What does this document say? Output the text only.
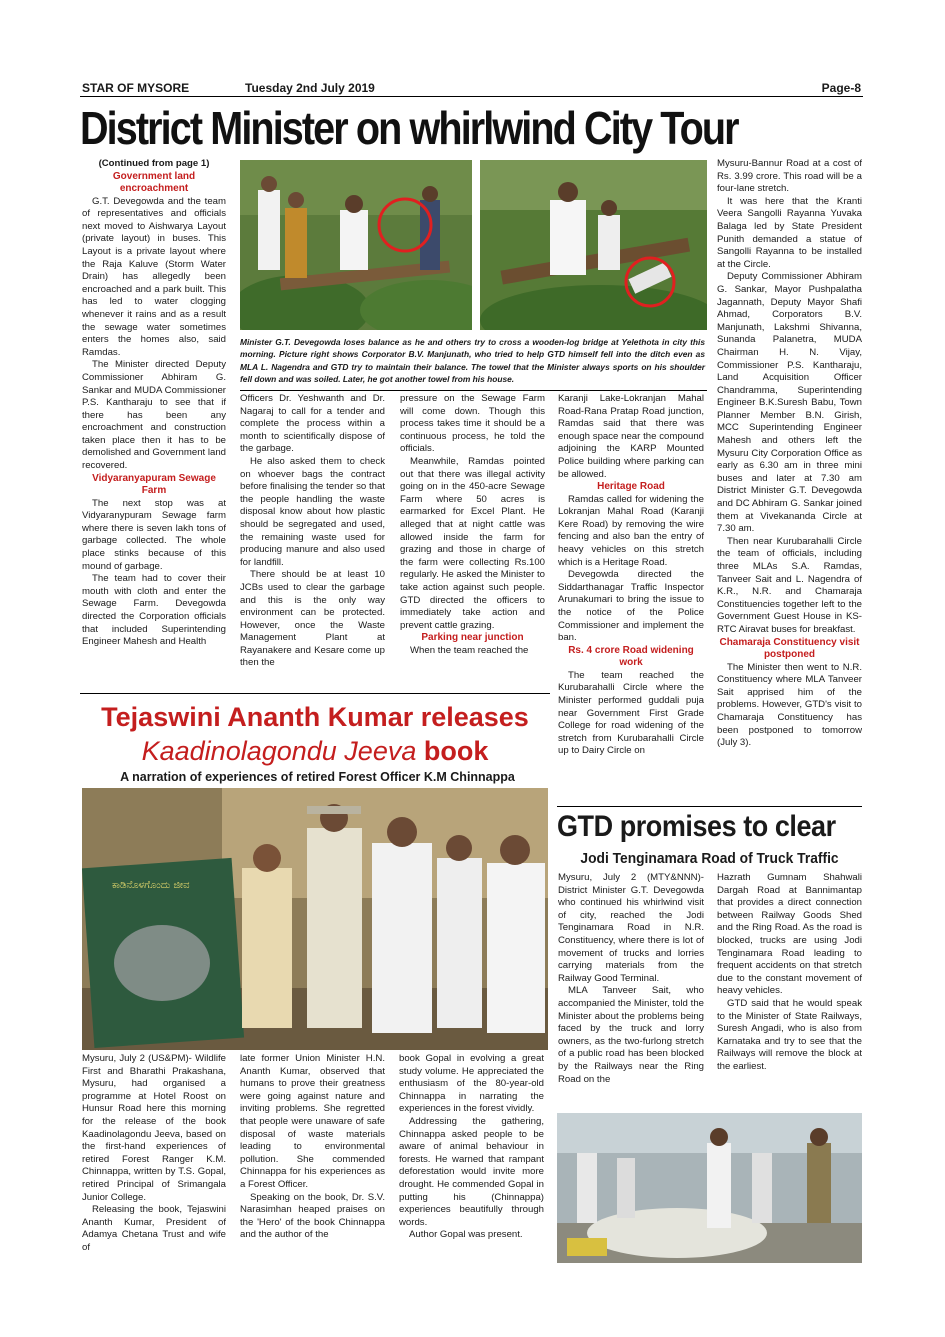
STAR OF MYSORE	Tuesday 2nd July 2019	Page-8
District Minister on whirlwind City Tour

(Continued from page 1)

Government land encroachment

G.T. Devegowda and the team of representatives and officials next moved to Aishwarya Layout (private layout) in buses. This Layout is a private layout where the Raja Kaluve (Storm Water Drain) has allegedly been encroached and a park built. This has led to water clogging whenever it rains and as a result the sewage water sometimes enters the homes also, said Ramdas.

The Minister directed Deputy Commissioner Abhiram G. Sankar and MUDA Commissioner P.S. Kantharaju to see that if there has been any encroachment and construction taken place then it has to be demolished and Government land recovered.

Vidyaranyapuram Sewage Farm

The next stop was at Vidyaranypuram Sewage farm where there is seven lakh tons of garbage collected. The whole place stinks because of this mound of garbage.

The team had to cover their mouth with cloth and enter the Sewage Farm. Devegowda directed the Corporation officials that included Superintending Engineer Mahesh and Health

Minister G.T. Devegowda loses balance as he and others try to cross a wooden-log bridge at Yelethota in city this morning. Picture right shows Corporator B.V. Manjunath, who tried to help GTD himself fell into the ditch even as MLA L. Nagendra and GTD try to maintain their balance. The towel that the Minister always sports on his shoulder fell down and was soiled. Later, he got another towel from his house.

Officers Dr. Yeshwanth and Dr. Nagaraj to call for a tender and complete the process within a month to scientifically dispose of the garbage.

He also asked them to check on whoever bags the contract before finalising the tender so that the people handling the waste disposal know about how plastic should be segregated and used, the remaining waste used for producing manure and also used for landfill.

There should be at least 10 JCBs used to clear the garbage and this is the only way environment can be protected. However, once the Waste Management Plant at Rayanakere and Kesare come up then the

pressure on the Sewage Farm will come down. Though this process takes time it should be a continuous process, he told the officials.

Meanwhile, Ramdas pointed out that there was illegal activity going on in the 450-acre Sewage Farm where 50 acres is earmarked for Excel Plant. He alleged that at night cattle was allowed inside the farm for grazing and those in charge of the farm were collecting Rs.100 regularly. He asked the Minister to take action against such people. GTD directed the officers to immediately take action and prevent cattle grazing.

Parking near junction

When the team reached the

Karanji Lake-Lokranjan Mahal Road-Rana Pratap Road junction, Ramdas said that there was enough space near the compound adjoining the KARP Mounted Police building where parking can be allowed.

Heritage Road

Ramdas called for widening the Lokranjan Mahal Road (Karanji Kere Road) by removing the wire fencing and also ban the entry of heavy vehicles on this stretch which is a Heritage Road.

Devegowda directed the Siddarthanagar Traffic Inspector Arunakumari to bring the issue to the notice of the Police Commissioner and implement the ban.

Rs. 4 crore Road widening work

The team reached the Kurubarahalli Circle where the Minister performed guddali puja near Government First Grade College for road widening of the stretch from Kurubarahalli Circle up to Dairy Circle on

Mysuru-Bannur Road at a cost of Rs. 3.99 crore. This road will be a four-lane stretch.

It was here that the Kranti Veera Sangolli Rayanna Yuvaka Balaga led by State President Punith demanded a statue of Sangolli Rayanna to be installed at the Circle.

Deputy Commissioner Abhiram G. Sankar, Mayor Pushpalatha Jagannath, Deputy Mayor Shafi Ahmad, Corporators B.V. Manjunath, Lakshmi Shivanna, Sunanda Palanetra, MUDA Chairman H. N. Vijay, Commissioner P.S. Kantharaju, Land Acquisition Officer Chandramma, Superintending Engineer B.K.Suresh Babu, Town Planner Member B.N. Girish, MCC Superintending Engineer Mahesh and others left the Mysuru City Corporation Office as early as 6.30 am in three mini buses and later at 7.30 am District Minister G.T. Devegowda and DC Abhiram G. Sankar joined them at Vivekananda Circle at 7.30 am.

Then near Kurubarahalli Circle the team of officials, including three MLAs S.A. Ramdas, Tanveer Sait and L. Nagendra of K.R., N.R. and Chamaraja Constituencies together left to the Government Guest House in KS-RTC Airavat buses for breakfast.

Chamaraja Constituency visit postponed

The Minister then went to N.R. Constituency where MLA Tanveer Sait apprised him of the problems. However, GTD's visit to Chamaraja Constituency has been postponed to tomorrow (July 3).

Tejaswini Ananth Kumar releases
Kaadinolagondu Jeeva book
A narration of experiences of retired Forest Officer K.M Chinnappa
ಕಾಡಿನೊಳಗೊಂದು ಜೀವ

Mysuru, July 2 (US&PM)- Wildlife First and Bharathi Prakashana, Mysuru, had organised a programme at Hotel Roost on Hunsur Road here this morning for the release of the book Kaadinolagondu Jeeva, based on the first-hand experiences of retired Forest Ranger K.M. Chinnappa, written by T.S. Gopal, retired Principal of Srimangala Junior College.

Releasing the book, Tejaswini Ananth Kumar, President of Adamya Chetana Trust and wife of

late former Union Minister H.N. Ananth Kumar, observed that humans to prove their greatness were going against nature and inviting problems. She regretted that people were unaware of safe disposal of waste materials leading to environmental pollution. She commended Chinnappa for his experiences as a Forest Officer.

Speaking on the book, Dr. S.V. Narasimhan heaped praises on the 'Hero' of the book Chinnappa and the author of the

book Gopal in evolving a great study volume. He appreciated the enthusiasm of the 80-year-old Chinnappa in narrating the experiences in the forest vividly.

Addressing the gathering, Chinnappa asked people to be aware of animal behaviour in forests. He warned that rampant deforestation would invite more drought. He commended Gopal in putting his (Chinnappa) experiences beautifully through words.

Author Gopal was present.

GTD promises to clear
Jodi Tenginamara Road of Truck Traffic

Mysuru, July 2 (MTY&NNN)- District Minister G.T. Devegowda who continued his whirlwind visit of city, reached the Jodi Tenginamara Road in N.R. Constituency, where there is lot of movement of trucks and lorries carrying materials from the Railway Good Terminal.

MLA Tanveer Sait, who accompanied the Minister, told the Minister about the problems being faced by the truck and lorry owners, as the two-furlong stretch of a public road has been blocked by the Railways near the Ring Road on the

Hazrath Gumnam Shahwali Dargah Road at Bannimantap that provides a direct connection between Railway Goods Shed and the Ring Road. As the road is blocked, trucks are using Jodi Tenginamara Road leading to frequent accidents on that stretch due to the constant movement of heavy vehicles.

GTD said that he would speak to the Minister of State Railways, Suresh Angadi, who is also from Karnataka and try to see that the Railways will remove the block at the earliest.
